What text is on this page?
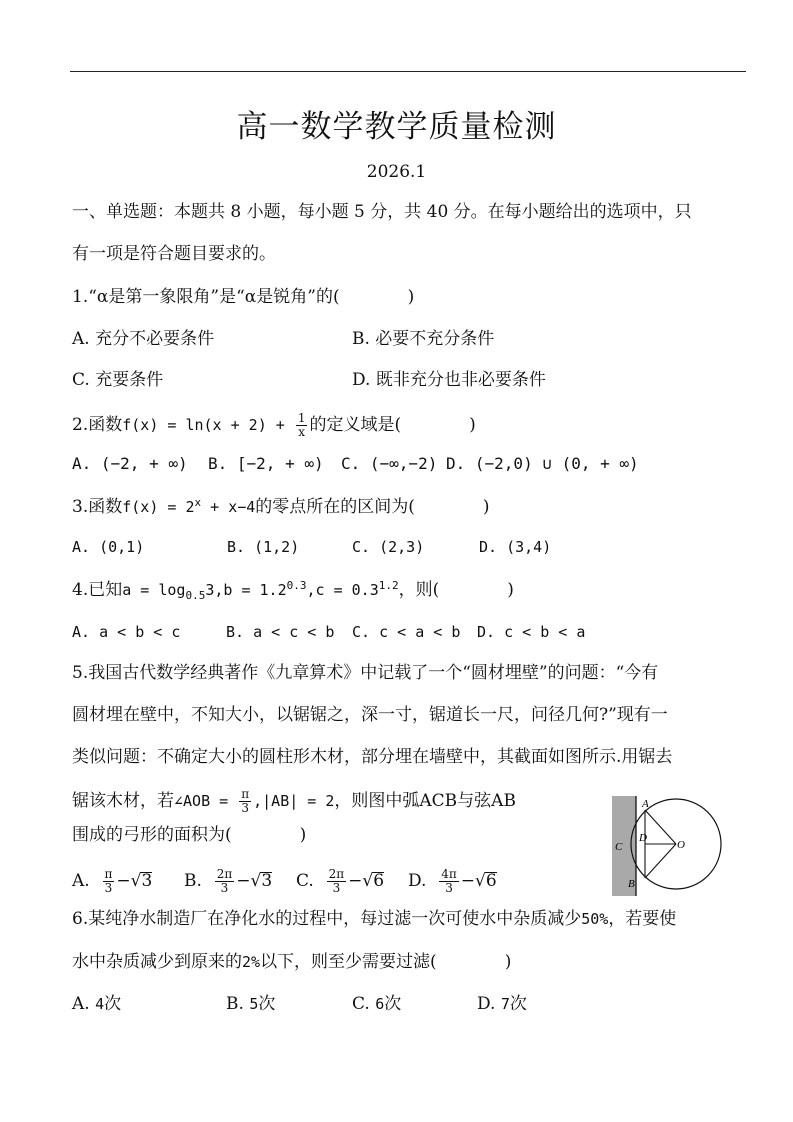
高一数学教学质量检测
2026.1
一、单选题：本题共 8 小题，每小题 5 分，共 40 分。在每小题给出的选项中，只
有一项是符合题目要求的。
1.“α是第一象限角”是“α是锐角”的(　　　　)
A. 充分不必要条件	B. 必要不充分条件
C. 充要条件	D. 既非充分也非必要条件
2.函数$f(x) = \ln(x + 2) + \frac{1}{x}$ 的定义域是(　　　　)
A. (−2, + ∞) B. [−2, + ∞) C. (−∞,−2) D. (−2,0) ∪ (0, + ∞)
3.函数$f(x) = 2^x + x-4$的零点所在的区间为(　　　　)
A. (0,1)	B. (1,2)	C. (2,3)	D. (3,4)
4.已知$a = \log_{0.5}3,b = 1.2^{0.3},c = 0.3^{1.2}$，则(　　　　)
A. a < b < c	B. a < c < b C. c < a < b D. c < b < a
5.我国古代数学经典著作《九章算术》中记载了一个“圆材埋壁”的问题：“今有
圆材埋在壁中，不知大小，以锯锯之，深一寸，锯道长一尺，问径几何?”现有一
类似问题：不确定大小的圆柱形木材，部分埋在墙壁中，其截面如图所示.用锯去
锯该木材，若∠AOB = $\frac{\pi}{3} ,|AB| = 2$，则图中弧ACB与弦AB
围成的弓形的面积为(　　　　)
A. $\frac{\pi}{3} -√3$ B. $\frac{2\pi}{3} -√3$ C. $\frac{2\pi}{3} -√6$ D. $\frac{4\pi}{3} -√6$
A
B
C
D
O
6.某纯净水制造厂在净化水的过程中，每过滤一次可使水中杂质减少50%，若要使
水中杂质减少到原来的2%以下，则至少需要过滤(　　　　)
A. 4次	B. 5次	C. 6次	D. 7次
